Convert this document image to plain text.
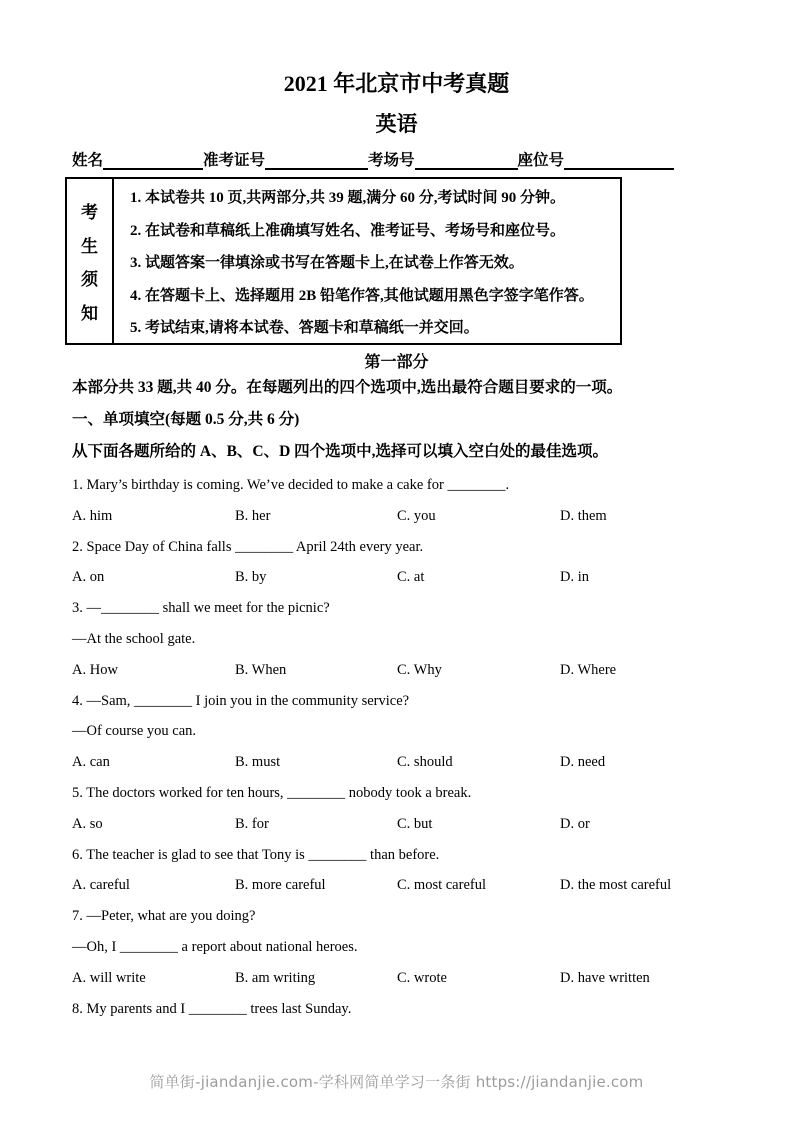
2021 年北京市中考真题
英语
姓名	准考证号	考场号	座位号
考
生
须
知
1. 本试卷共 10 页,共两部分,共 39 题,满分 60 分,考试时间 90 分钟。
2. 在试卷和草稿纸上准确填写姓名、准考证号、考场号和座位号。
3. 试题答案一律填涂或书写在答题卡上,在试卷上作答无效。
4. 在答题卡上、选择题用 2B 铅笔作答,其他试题用黑色字签字笔作答。
5. 考试结束,请将本试卷、答题卡和草稿纸一并交回。
第一部分
本部分共 33 题,共 40 分。在每题列出的四个选项中,选出最符合题目要求的一项。
一、单项填空(每题 0.5 分,共 6 分)
从下面各题所给的 A、B、C、D 四个选项中,选择可以填入空白处的最佳选项。
1. Mary’s birthday is coming. We’ve decided to make a cake for ________.
A. him	B. her	C. you	D. them
2. Space Day of China falls ________ April 24th every year.
A. on	B. by	C. at	D. in
3. —________ shall we meet for the picnic?
—At the school gate.
A. How	B. When	C. Why	D. Where
4. —Sam, ________ I join you in the community service?
—Of course you can.
A. can	B. must	C. should	D. need
5. The doctors worked for ten hours, ________ nobody took a break.
A. so	B. for	C. but	D. or
6. The teacher is glad to see that Tony is ________ than before.
A. careful	B. more careful	C. most careful	D. the most careful
7. —Peter, what are you doing?
—Oh, I ________ a report about national heroes.
A. will write	B. am writing	C. wrote	D. have written
8. My parents and I ________ trees last Sunday.
简单街-jiandanjie.com-学科网简单学习一条街 https://jiandanjie.com
